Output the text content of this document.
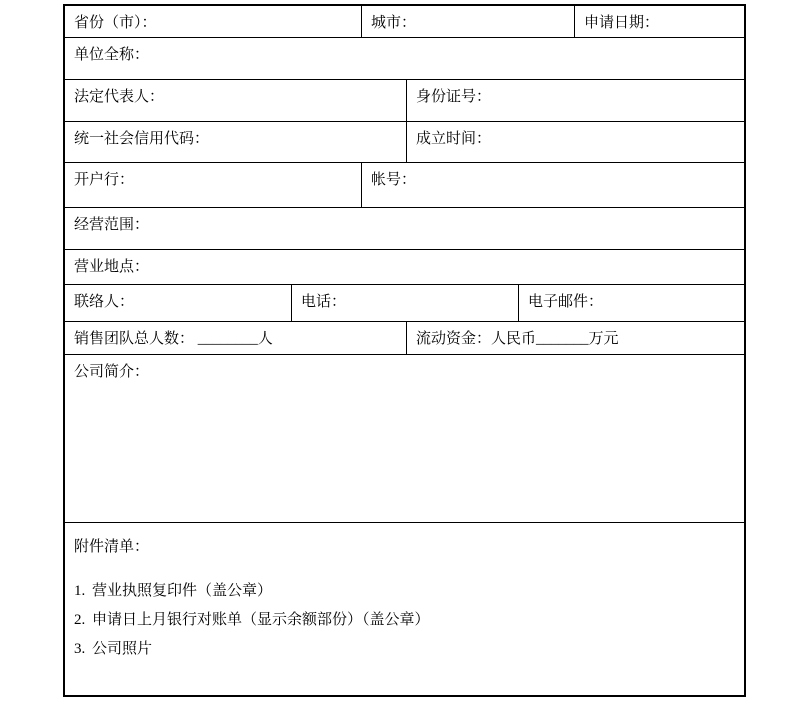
省份（市）：	城市：	申请日期：
单位全称：
法定代表人：	身份证号：
统一社会信用代码：	成立时间：
开户行：	帐号：
经营范围：
营业地点：
联络人：	电话：	电子邮件：
销售团队总人数： ________人	流动资金：人民币_______万元
公司简介：
附件清单：
1. 营业执照复印件（盖公章）
2. 申请日上月银行对账单（显示余额部份）（盖公章）
3. 公司照片
